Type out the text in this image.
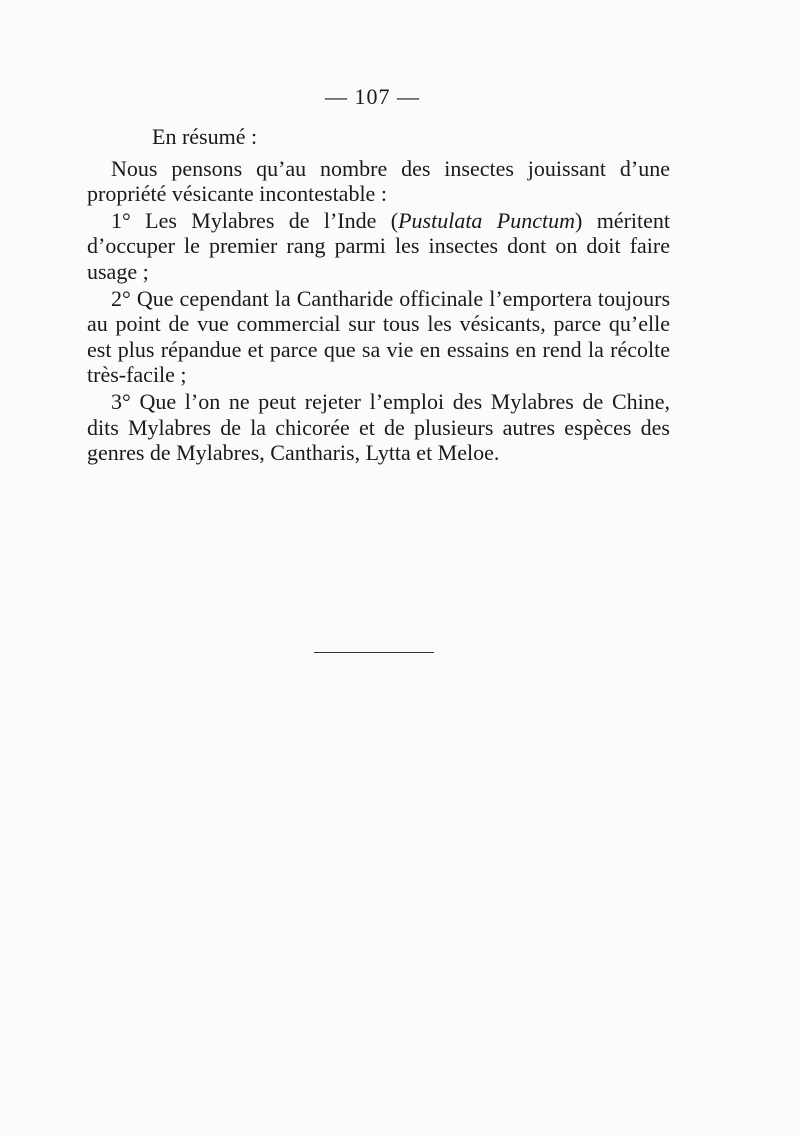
— 107 —

En résumé :

Nous pensons qu’au nombre des insectes jouissant d’une propriété vésicante incontestable :

1° Les Mylabres de l’Inde (Pustulata Punctum) méritent d’occuper le premier rang parmi les insectes dont on doit faire usage ;

2° Que cependant la Cantharide officinale l’emportera toujours au point de vue commercial sur tous les vésicants, parce qu’elle est plus répandue et parce que sa vie en essains en rend la récolte très-facile ;

3° Que l’on ne peut rejeter l’emploi des Mylabres de Chine, dits Mylabres de la chicorée et de plusieurs autres espèces des genres de Mylabres, Cantharis, Lytta et Meloe.
